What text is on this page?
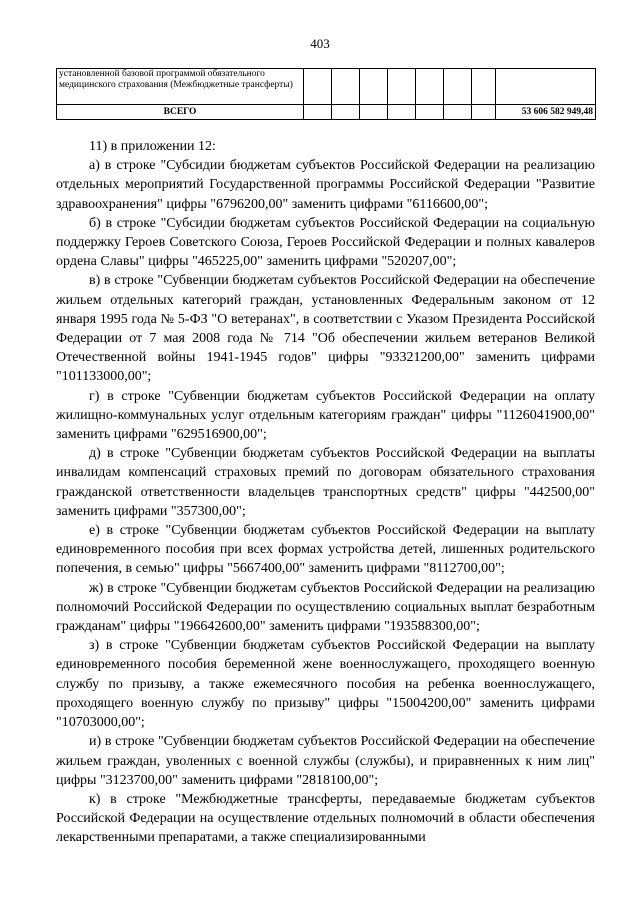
403
установленной базовой программой обязательного медицинского страхования (Межбюджетные трансферты)								
ВСЕГО								53 606 582 949,48

11) в приложении 12:

а) в строке "Субсидии бюджетам субъектов Российской Федерации на реализацию отдельных мероприятий Государственной программы Российской Федерации "Развитие здравоохранения" цифры "6796200,00" заменить цифрами "6116600,00";

б) в строке "Субсидии бюджетам субъектов Российской Федерации на социальную поддержку Героев Советского Союза, Героев Российской Федерации и полных кавалеров ордена Славы" цифры "465225,00" заменить цифрами "520207,00";

в) в строке "Субвенции бюджетам субъектов Российской Федерации на обеспечение жильем отдельных категорий граждан, установленных Федеральным законом от 12 января 1995 года № 5-ФЗ "О ветеранах", в соответствии с Указом Президента Российской Федерации от 7 мая 2008 года № 714 "Об обеспечении жильем ветеранов Великой Отечественной войны 1941-1945 годов" цифры "93321200,00" заменить цифрами "101133000,00";

г) в строке "Субвенции бюджетам субъектов Российской Федерации на оплату жилищно-коммунальных услуг отдельным категориям граждан" цифры "1126041900,00" заменить цифрами "629516900,00";

д) в строке "Субвенции бюджетам субъектов Российской Федерации на выплаты инвалидам компенсаций страховых премий по договорам обязательного страхования гражданской ответственности владельцев транспортных средств" цифры "442500,00" заменить цифрами "357300,00";

е) в строке "Субвенции бюджетам субъектов Российской Федерации на выплату единовременного пособия при всех формах устройства детей, лишенных родительского попечения, в семью" цифры "5667400,00" заменить цифрами "8112700,00";

ж) в строке "Субвенции бюджетам субъектов Российской Федерации на реализацию полномочий Российской Федерации по осуществлению социальных выплат безработным гражданам" цифры "196642600,00" заменить цифрами "193588300,00";

з) в строке "Субвенции бюджетам субъектов Российской Федерации на выплату единовременного пособия беременной жене военнослужащего, проходящего военную службу по призыву, а также ежемесячного пособия на ребенка военнослужащего, проходящего военную службу по призыву" цифры "15004200,00" заменить цифрами "10703000,00";

и) в строке "Субвенции бюджетам субъектов Российской Федерации на обеспечение жильем граждан, уволенных с военной службы (службы), и приравненных к ним лиц" цифры "3123700,00" заменить цифрами "2818100,00";

к) в строке "Межбюджетные трансферты, передаваемые бюджетам субъектов Российской Федерации на осуществление отдельных полномочий в области обеспечения лекарственными препаратами, а также специализированными
